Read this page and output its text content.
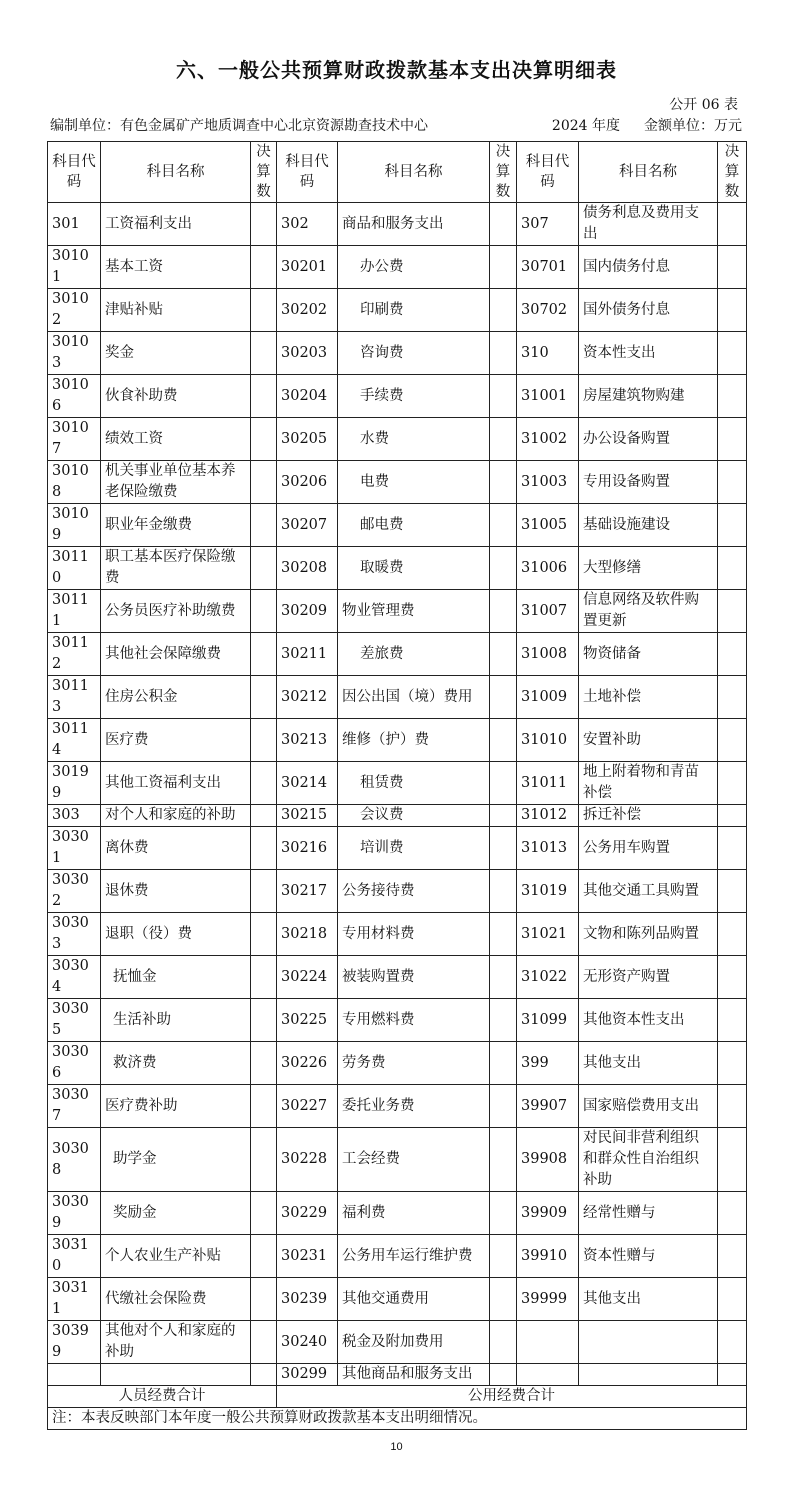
六、一般公共预算财政拨款基本支出决算明细表
公开 06 表
编制单位：有色金属矿产地质调查中心北京资源勘查技术中心	2024 年度 金额单位：万元
科目代码	科目名称	决算数	科目代码	科目名称	决算数	科目代码	科目名称	决算数
301	工资福利支出		302	商品和服务支出		307	债务利息及费用支出	
30101	基本工资		30201	办公费		30701	国内债务付息	
30102	津贴补贴		30202	印刷费		30702	国外债务付息	
30103	奖金		30203	咨询费		310	资本性支出	
30106	伙食补助费		30204	手续费		31001	房屋建筑物购建	
30107	绩效工资		30205	水费		31002	办公设备购置	
30108	机关事业单位基本养老保险缴费		30206	电费		31003	专用设备购置	
30109	职业年金缴费		30207	邮电费		31005	基础设施建设	
30110	职工基本医疗保险缴费		30208	取暖费		31006	大型修缮	
30111	公务员医疗补助缴费		30209	物业管理费		31007	信息网络及软件购置更新	
30112	其他社会保障缴费		30211	差旅费		31008	物资储备	
30113	住房公积金		30212	因公出国（境）费用		31009	土地补偿	
30114	医疗费		30213	维修（护）费		31010	安置补助	
30199	其他工资福利支出		30214	租赁费		31011	地上附着物和青苗补偿	
303	对个人和家庭的补助		30215	会议费		31012	拆迁补偿	
30301	离休费		30216	培训费		31013	公务用车购置	
30302	退休费		30217	公务接待费		31019	其他交通工具购置	
30303	退职（役）费		30218	专用材料费		31021	文物和陈列品购置	
30304	抚恤金		30224	被装购置费		31022	无形资产购置	
30305	生活补助		30225	专用燃料费		31099	其他资本性支出	
30306	救济费		30226	劳务费		399	其他支出	
30307	医疗费补助		30227	委托业务费		39907	国家赔偿费用支出	
30308	助学金		30228	工会经费		39908	对民间非营利组织和群众性自治组织补助	
30309	奖励金		30229	福利费		39909	经常性赠与	
30310	个人农业生产补贴		30231	公务用车运行维护费		39910	资本性赠与	
30311	代缴社会保险费		30239	其他交通费用		39999	其他支出	
30399	其他对个人和家庭的补助		30240	税金及附加费用				
			30299	其他商品和服务支出				
人员经费合计			公用经费合计					
注：本表反映部门本年度一般公共预算财政拨款基本支出明细情况。								
10
